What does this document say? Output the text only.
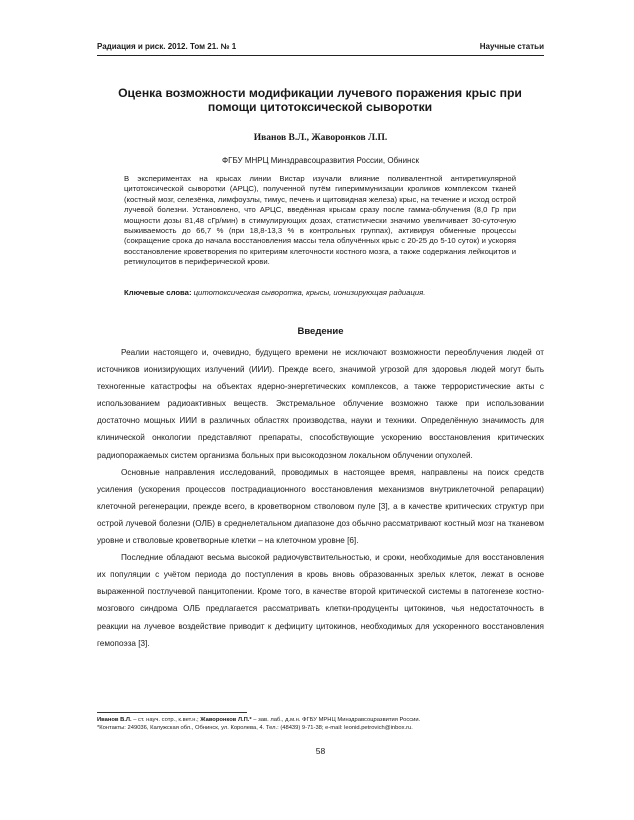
Радиация и риск. 2012. Том 21. № 1	Научные статьи
Оценка возможности модификации лучевого поражения крыс при помощи цитотоксической сыворотки
Иванов В.Л., Жаворонков Л.П.
ФГБУ МНРЦ Минздравсоцразвития России, Обнинск
В экспериментах на крысах линии Вистар изучали влияние поливалентной антиретикулярной цитотоксической сыворотки (АРЦС), полученной путём гипериммунизации кроликов комплексом тканей (костный мозг, селезёнка, лимфоузлы, тимус, печень и щитовидная железа) крыс, на течение и исход острой лучевой болезни. Установлено, что АРЦС, введённая крысам сразу после гамма-облучения (8,0 Гр при мощности дозы 81,48 сГр/мин) в стимулирующих дозах, статистически значимо увеличивает 30-суточную выживаемость до 66,7 % (при 18,8-13,3 % в контрольных группах), активируя обменные процессы (сокращение срока до начала восстановления массы тела облучённых крыс с 20-25 до 5-10 суток) и ускоряя восстановление кроветворения по критериям клеточности костного мозга, а также содержания лейкоцитов и ретикулоцитов в периферической крови.
Ключевые слова: цитотоксическая сыворотка, крысы, ионизирующая радиация.
Введение

Реалии настоящего и, очевидно, будущего времени не исключают возможности переоблучения людей от источников ионизирующих излучений (ИИИ). Прежде всего, значимой угрозой для здоровья людей могут быть техногенные катастрофы на объектах ядерно-энергетических комплексов, а также террористические акты с использованием радиоактивных веществ. Экстремальное облучение возможно также при использовании достаточно мощных ИИИ в различных областях производства, науки и техники. Определённую значимость для клинической онкологии представляют препараты, способствующие ускорению восстановления критических радиопоражаемых систем организма больных при высокодозном локальном облучении опухолей.

Основные направления исследований, проводимых в настоящее время, направлены на поиск средств усиления (ускорения процессов пострадиационного восстановления механизмов внутриклеточной репарации) клеточной регенерации, прежде всего, в кроветворном стволовом пуле [3], а в качестве критических структур при острой лучевой болезни (ОЛБ) в среднелетальном диапазоне доз обычно рассматривают костный мозг на тканевом уровне и стволовые кроветворные клетки – на клеточном уровне [6].

Последние обладают весьма высокой радиочувствительностью, и сроки, необходимые для восстановления их популяции с учётом периода до поступления в кровь вновь образованных зрелых клеток, лежат в основе выраженной постлучевой панцитопении. Кроме того, в качестве второй критической системы в патогенезе костно-мозгового синдрома ОЛБ предлагается рассматривать клетки-продуценты цитокинов, чья недостаточность в реакции на лучевое воздействие приводит к дефициту цитокинов, необходимых для ускоренного восстановления гемопоэза [3].

Иванов В.Л. – ст. науч. сотр., к.вет.н.; Жаворонков Л.П.* – зав. лаб., д.м.н. ФГБУ МРНЦ Минздравсоцразвития России.
*Контакты: 249036, Калужская обл., Обнинск, ул. Королева, 4. Тел.: (48439) 9-71-38; e-mail: leonid.petrovich@inbox.ru.
58
